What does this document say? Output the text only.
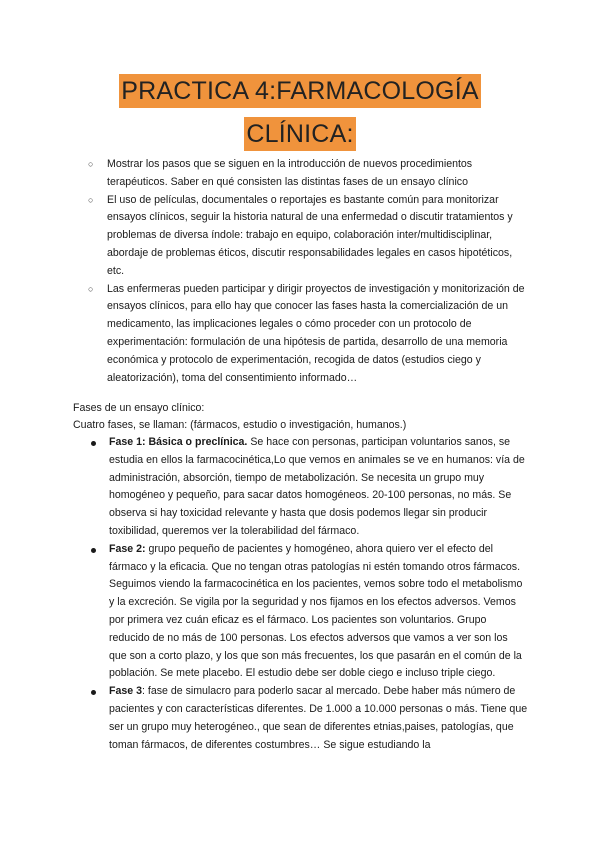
PRACTICA 4:FARMACOLOGÍA
CLÍNICA:
○ Mostrar los pasos que se siguen en la introducción de nuevos procedimientos terapéuticos. Saber en qué consisten las distintas fases de un ensayo clínico
○ El uso de películas, documentales o reportajes es bastante común para monitorizar ensayos clínicos, seguir la historia natural de una enfermedad o discutir tratamientos y problemas de diversa índole: trabajo en equipo, colaboración inter/multidisciplinar, abordaje de problemas éticos, discutir responsabilidades legales en casos hipotéticos, etc.
○ Las enfermeras pueden participar y dirigir proyectos de investigación y monitorización de ensayos clínicos, para ello hay que conocer las fases hasta la comercialización de un medicamento, las implicaciones legales o cómo proceder con un protocolo de experimentación: formulación de una hipótesis de partida, desarrollo de una memoria económica y protocolo de experimentación, recogida de datos (estudios ciego y aleatorización), toma del consentimiento informado…
Fases de un ensayo clínico:
Cuatro fases, se llaman: (fármacos, estudio o investigación, humanos.)
Fase 1: Básica o preclínica. Se hace con personas, participan voluntarios sanos, se estudia en ellos la farmacocinética,Lo que vemos en animales se ve en humanos: vía de administración, absorción, tiempo de metabolización. Se necesita un grupo muy homogéneo y pequeño, para sacar datos homogéneos. 20-100 personas, no más. Se observa si hay toxicidad relevante y hasta que dosis podemos llegar sin producir toxibilidad, queremos ver la tolerabilidad del fármaco.
Fase 2: grupo pequeño de pacientes y homogéneo, ahora quiero ver el efecto del fármaco y la eficacia. Que no tengan otras patologías ni estén tomando otros fármacos. Seguimos viendo la farmacocinética en los pacientes, vemos sobre todo el metabolismo y la excreción. Se vigila por la seguridad y nos fijamos en los efectos adversos. Vemos por primera vez cuán eficaz es el fármaco. Los pacientes son voluntarios. Grupo reducido de no más de 100 personas. Los efectos adversos que vamos a ver son los que son a corto plazo, y los que son más frecuentes, los que pasarán en el común de la población. Se mete placebo. El estudio debe ser doble ciego e incluso triple ciego.
Fase 3: fase de simulacro para poderlo sacar al mercado. Debe haber más número de pacientes y con características diferentes. De 1.000 a 10.000 personas o más. Tiene que ser un grupo muy heterogéneo., que sean de diferentes etnias,paises, patologías, que toman fármacos, de diferentes costumbres… Se sigue estudiando la
